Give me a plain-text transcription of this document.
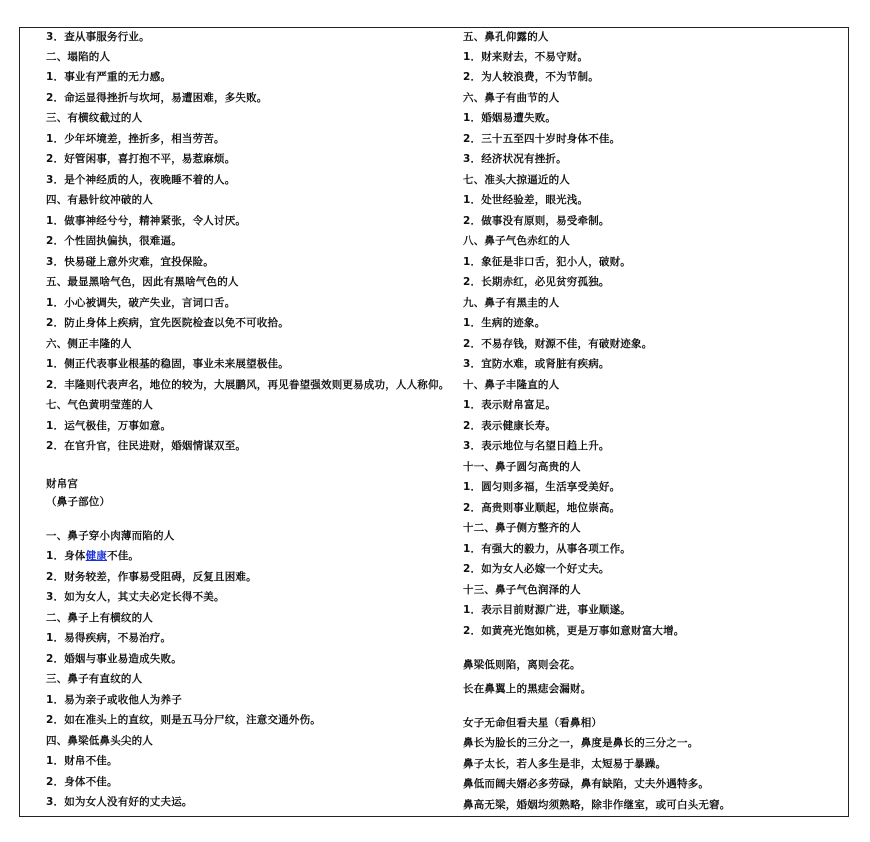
3．查从事服务行业。
二、塌陷的人
1．事业有严重的无力感。
2．命运显得挫折与坎坷，易遭困难，多失败。
三、有横纹截过的人
1．少年坏境差，挫折多，相当劳苦。
2．好管闲事，喜打抱不平，易惹麻烦。
3．是个神经质的人，夜晚睡不着的人。
四、有悬针纹冲破的人
1．做事神经兮兮，精神紧张，令人讨厌。
2．个性固执偏执，很难逼。
3．快易碰上意外灾难，宜投保险。
五、最显黑啥气色，因此有黑啥气色的人
1．小心被调失，破产失业，言词口舌。
2．防止身体上疾病，宜先医院检查以免不可收拾。
六、侧正丰隆的人
1．侧正代表事业根基的稳固，事业未来展望极佳。
2．丰隆则代表声名，地位的较为，大展鹏风，再见眷望强效则更易成功，人人称仰。
七、气色黄明莹莲的人
1．运气极佳，万事如意。
2．在官升官，往民进财，婚姻情谋双至。
财帛宫
（鼻子部位）
一、鼻子穿小肉薄而陷的人
1．身体健康不佳。
2．财务较差，作事易受阻碍，反复且困难。
3．如为女人，其丈夫必定长得不美。
二、鼻子上有横纹的人
1．易得疾病，不易治疗。
2．婚姻与事业易造成失败。
三、鼻子有直纹的人
1．易为亲子或收他人为养子
2．如在准头上的直纹，则是五马分尸纹，注意交通外伤。
四、鼻梁低鼻头尖的人
1．财帛不佳。
2．身体不佳。
3．如为女人没有好的丈夫运。
五、鼻孔仰露的人
1．财来财去，不易守财。
2．为人较浪费，不为节制。
六、鼻子有曲节的人
1．婚姻易遭失败。
2．三十五至四十岁时身体不佳。
3．经济状况有挫折。
七、准头大掠逼近的人
1．处世经验差，眼光浅。
2．做事没有原则，易受牵制。
八、鼻子气色赤红的人
1．象征是非口舌，犯小人，破财。
2．长期赤红，必见贫穷孤独。
九、鼻子有黑圭的人
1．生病的迹象。
2．不易存钱，财源不佳，有破财迹象。
3．宜防水难，或肾脏有疾病。
十、鼻子丰隆直的人
1．表示财帛富足。
2．表示健康长寿。
3．表示地位与名望日趋上升。
十一、鼻子圆匀高贵的人
1．圆匀则多福，生活享受美好。
2．高贵则事业顺起，地位崇高。
十二、鼻子侧方整齐的人
1．有强大的毅力，从事各项工作。
2．如为女人必嫁一个好丈夫。
十三、鼻子气色润泽的人
1．表示目前财源广进，事业顺遂。
2．如黄亮光饱如桃，更是万事如意财富大增。
鼻梁低则陷，离则会花。
长在鼻翼上的黑痣会漏财。
女子无命但看夫星（看鼻相）
鼻长为脸长的三分之一，鼻度是鼻长的三分之一。
鼻子太长，若人多生是非，太短易于暴躁。
鼻低而阔夫婿必多劳碌，鼻有缺陷，丈夫外遇特多。
鼻高无梁，婚姻均须熟略，除非作继室，或可白头无窘。
